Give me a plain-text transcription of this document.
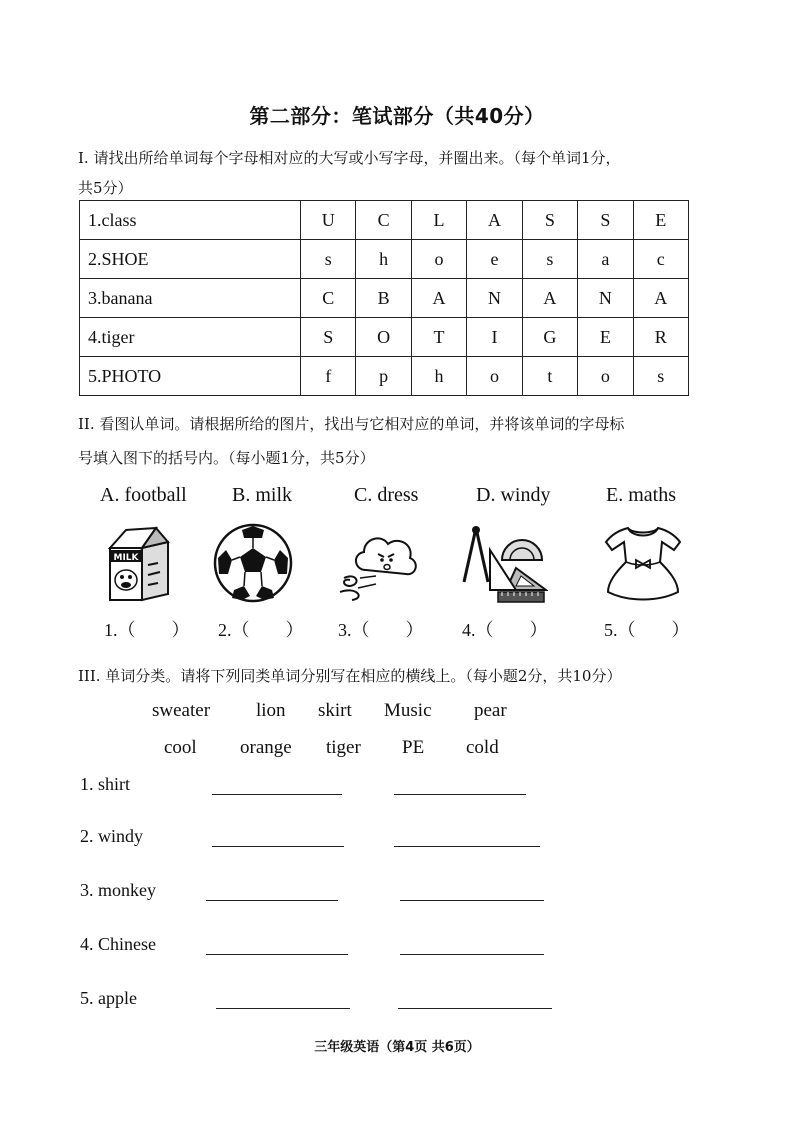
第二部分：笔试部分（共40分）
I. 请找出所给单词每个字母相对应的大写或小写字母，并圈出来。（每个单词1分，
共5分）
1.class	U	C	L	A	S	S	E
2.SHOE	s	h	o	e	s	a	c
3.banana	C	B	A	N	A	N	A
4.tiger	S	O	T	I	G	E	R
5.PHOTO	f	p	h	o	t	o	s
II. 看图认单词。请根据所给的图片，找出与它相对应的单词，并将该单词的字母标
号填入图下的括号内。（每小题1分，共5分）
A. football B. milk	C. dress	D. windy	E. maths
MILK
1.（　　） 2.（　　） 3.（　　） 4.（　　）	5.（　　）
III. 单词分类。请将下列同类单词分别写在相应的横线上。（每小题2分，共10分）
sweater lion skirt Music pear
cool orange tiger PE cold
1. shirt
2. windy
3. monkey
4. Chinese
5. apple
三年级英语（第4页 共6页）
